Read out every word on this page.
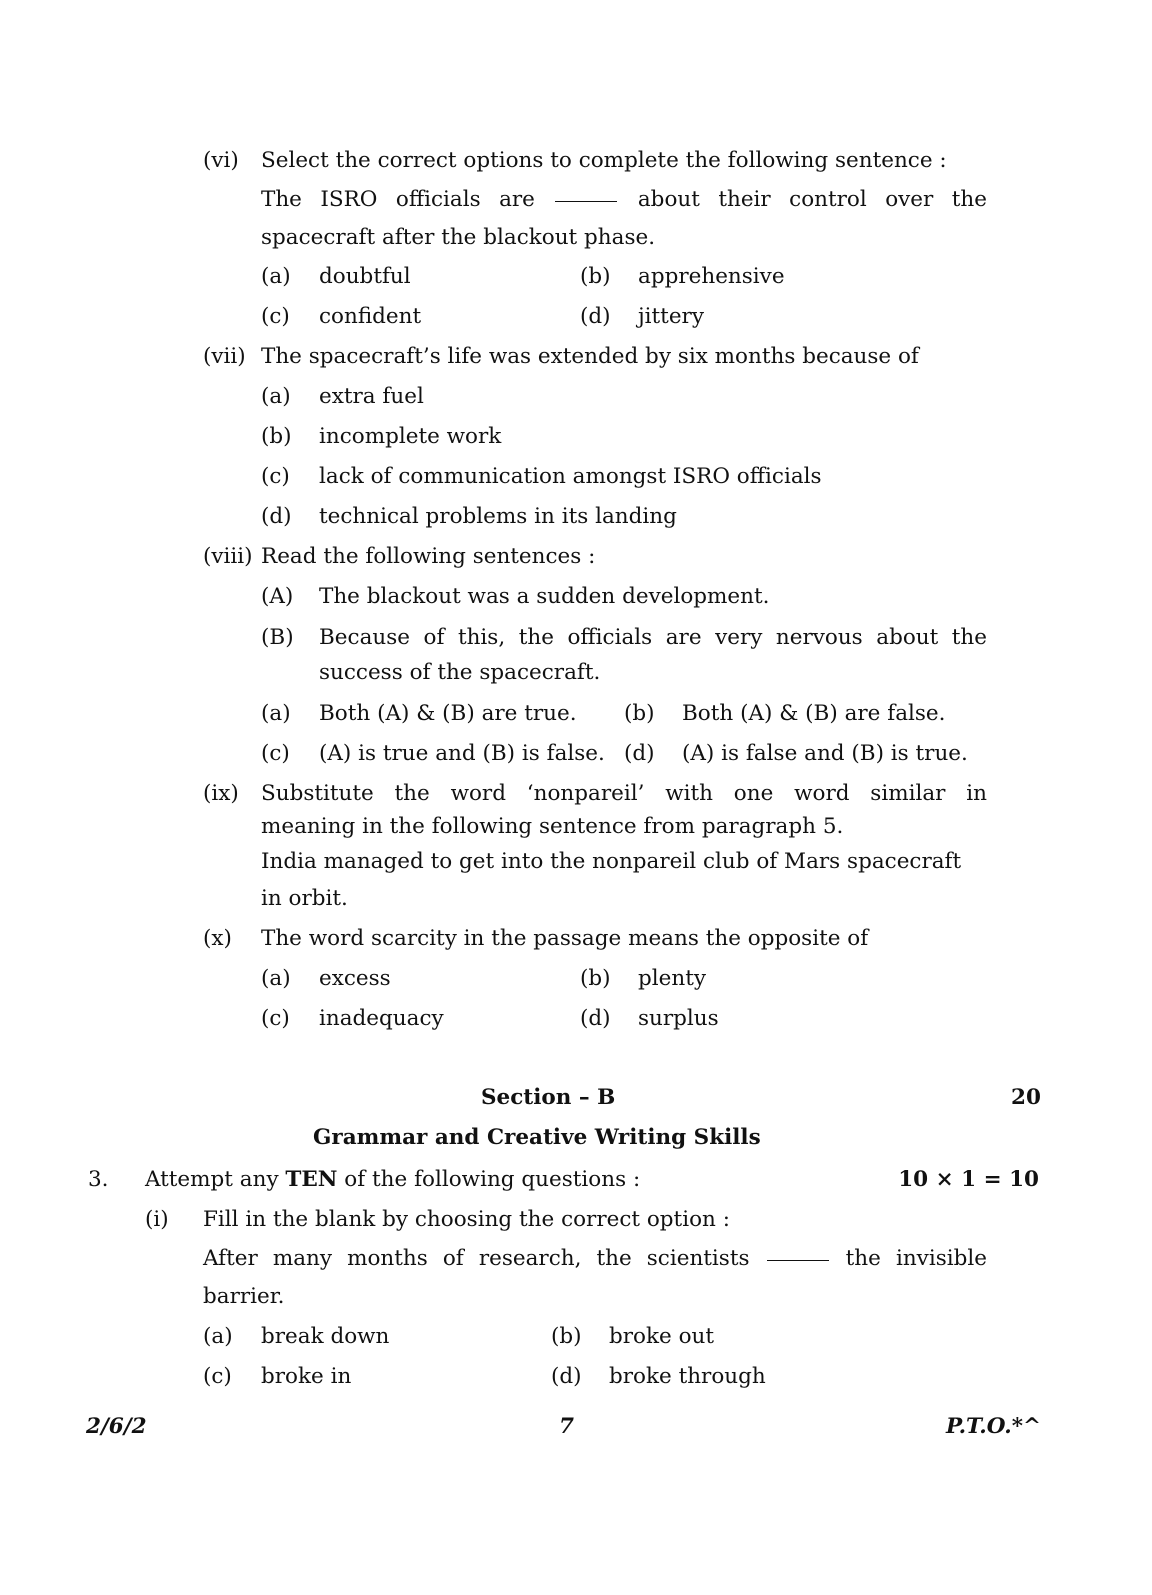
(vi) Select the correct options to complete the following sentence :
The ISRO officials are	about their control over the
spacecraft after the blackout phase.
(a) doubtful	(b) apprehensive
(c) confident	(d) jittery
(vii) The spacecraft’s life was extended by six months because of
(a) extra fuel
(b) incomplete work
(c) lack of communication amongst ISRO officials
(d) technical problems in its landing
(viii) Read the following sentences :
(A) The blackout was a sudden development.
(B) Because of this, the officials are very nervous about the
success of the spacecraft.
(a) Both (A) & (B) are true. (b) Both (A) & (B) are false.
(c) (A) is true and (B) is false. (d) (A) is false and (B) is true.
(ix) Substitute the word ‘nonpareil’ with one word similar in
meaning in the following sentence from paragraph 5.
India managed to get into the nonpareil club of Mars spacecraft
in orbit.
(x) The word scarcity in the passage means the opposite of
(a) excess	(b) plenty
(c) inadequacy	(d) surplus
Section – B	20
Grammar and Creative Writing Skills
3. Attempt any TEN of the following questions :	10 × 1 = 10
(i) Fill in the blank by choosing the correct option :
After many months of research, the scientists	the invisible
barrier.
(a) break down	(b) broke out
(c) broke in	(d) broke through
2/6/2	7	P.T.O.*^
